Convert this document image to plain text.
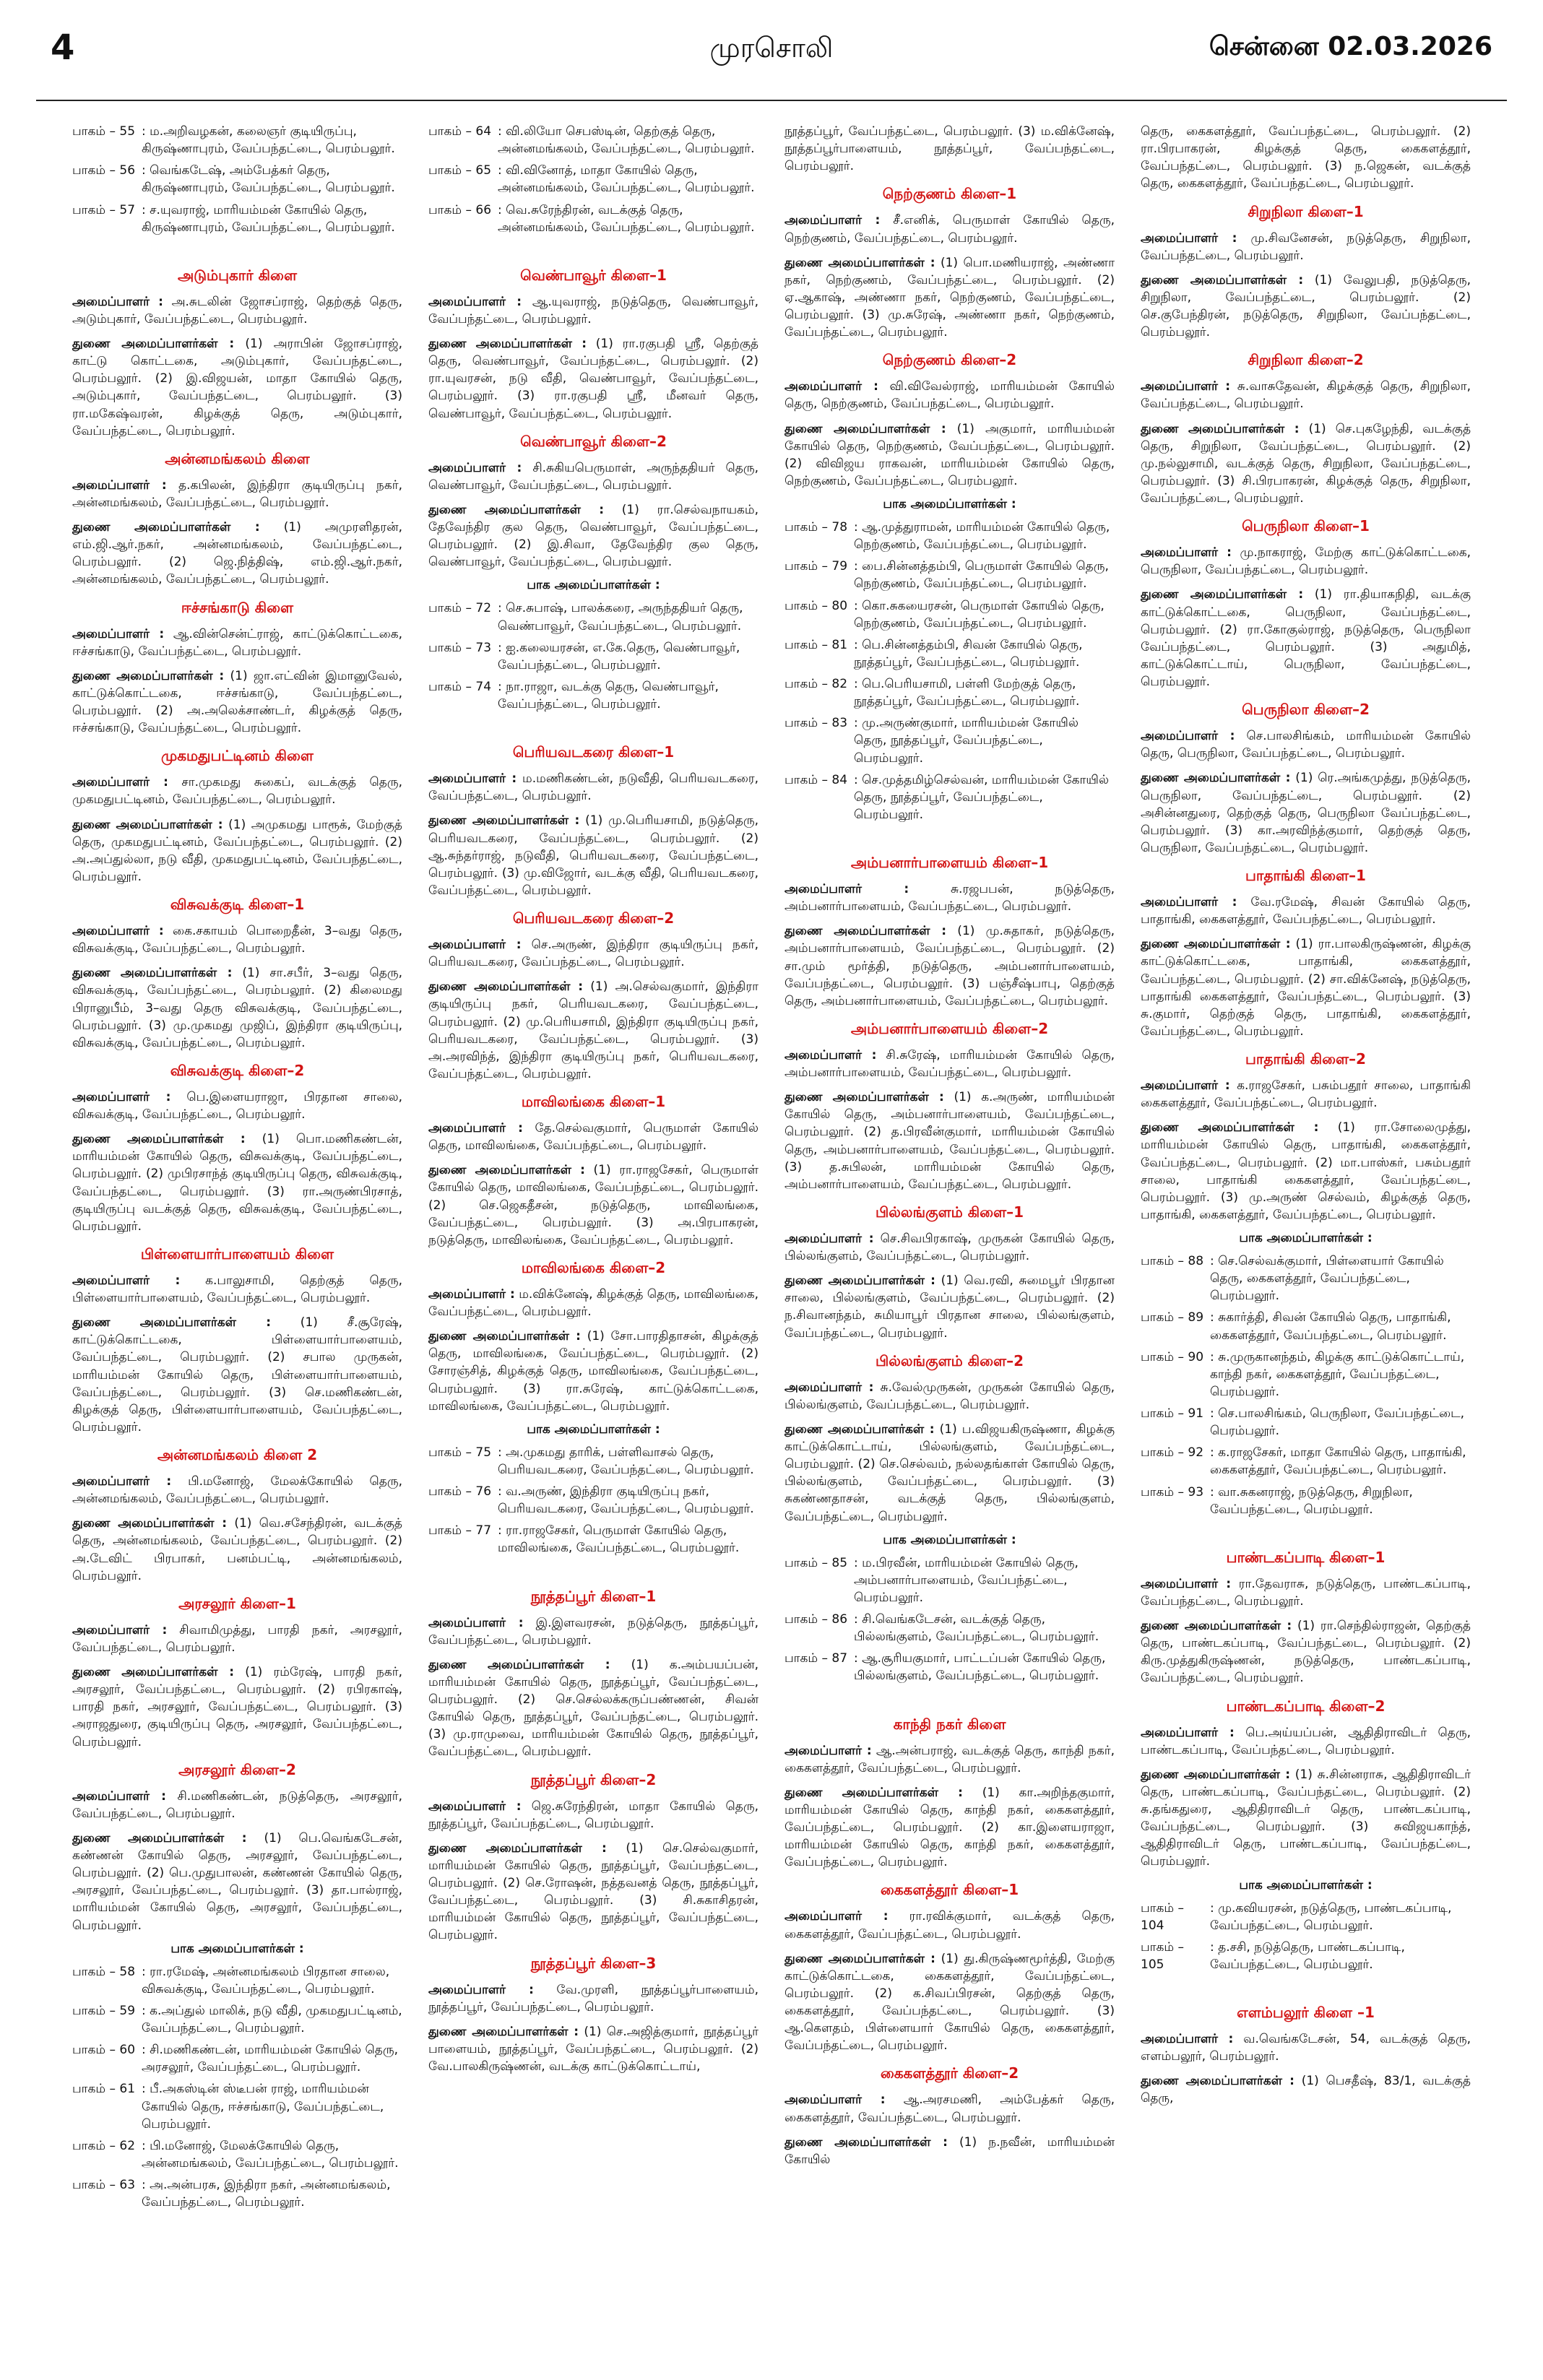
4	முரசொலி	சென்னை 02.03.2026
பாகம் – 55 : ம.அறிவழகன், கலைஞர் குடியிருப்பு, கிருஷ்ணாபுரம், வேப்பந்தட்டை, பெரம்பலூர்.
பாகம் – 56 : வெங்கடேஷ், அம்பேத்கர் தெரு, கிருஷ்ணாபுரம், வேப்பந்தட்டை, பெரம்பலூர்.
பாகம் – 57 : ச.யுவராஜ், மாரியம்மன் கோயில் தெரு, கிருஷ்ணாபுரம், வேப்பந்தட்டை, பெரம்பலூர்.
அடும்புகார் கிளை

அமைப்பாளர் : அ.சுடலின் ஜோசப்ராஜ், தெற்குத் தெரு, அடும்புகார், வேப்பந்தட்டை, பெரம்பலூர்.

துணை அமைப்பாளர்கள் : (1) அராபின் ஜோசப்ராஜ், காட்டு கொட்டகை, அடும்புகார், வேப்பந்தட்டை, பெரம்பலூர். (2) இ.விஜயன், மாதா கோயில் தெரு, அடும்புகார், வேப்பந்தட்டை, பெரம்பலூர். (3) ரா.மகேஷ்வரன், கிழக்குத் தெரு, அடும்புகார், வேப்பந்தட்டை, பெரம்பலூர்.

அன்னமங்கலம் கிளை

அமைப்பாளர் : த.கபிலன், இந்திரா குடியிருப்பு நகர், அன்னமங்கலம், வேப்பந்தட்டை, பெரம்பலூர்.

துணை அமைப்பாளர்கள் : (1) அமுரளிதரன், எம்.ஜி.ஆர்.நகர், அன்னமங்கலம், வேப்பந்தட்டை, பெரம்பலூர். (2) ஜெ.நித்திஷ், எம்.ஜி.ஆர்.நகர், அன்னமங்கலம், வேப்பந்தட்டை, பெரம்பலூர்.

ஈச்சங்காடு கிளை

அமைப்பாளர் : ஆ.வின்சென்ட்ராஜ், காட்டுக்கொட்டகை, ஈச்சங்காடு, வேப்பந்தட்டை, பெரம்பலூர்.

துணை அமைப்பாளர்கள் : (1) ஜா.எட்வின் இமானுவேல், காட்டுக்கொட்டகை, ஈச்சங்காடு, வேப்பந்தட்டை, பெரம்பலூர். (2) அ.அலெக்சாண்டர், கிழக்குத் தெரு, ஈச்சங்காடு, வேப்பந்தட்டை, பெரம்பலூர்.

முகமதுபட்டினம் கிளை

அமைப்பாளர் : சா.முகமது சுகைப், வடக்குத் தெரு, முகமதுபட்டினம், வேப்பந்தட்டை, பெரம்பலூர்.

துணை அமைப்பாளர்கள் : (1) அமுகமது பாரூக், மேற்குத் தெரு, முகமதுபட்டினம், வேப்பந்தட்டை, பெரம்பலூர். (2) அ.அப்துல்லா, நடு வீதி, முகமதுபட்டினம், வேப்பந்தட்டை, பெரம்பலூர்.

விசுவக்குடி கிளை–1

அமைப்பாளர் : கை.சகாயம் பொறைதீன், 3–வது தெரு, விசுவக்குடி, வேப்பந்தட்டை, பெரம்பலூர்.

துணை அமைப்பாளர்கள் : (1) சா.சபீர், 3–வது தெரு, விசுவக்குடி, வேப்பந்தட்டை, பெரம்பலூர். (2) கிலைமது பிரானுபீம், 3–வது தெரு விசுவக்குடி, வேப்பந்தட்டை, பெரம்பலூர். (3) மு.முகமது முஜிப், இந்திரா குடியிருப்பு, விசுவக்குடி, வேப்பந்தட்டை, பெரம்பலூர்.

விசுவக்குடி கிளை–2

அமைப்பாளர் : பெ.இளையராஜா, பிரதான சாலை, விசுவக்குடி, வேப்பந்தட்டை, பெரம்பலூர்.

துணை அமைப்பாளர்கள் : (1) பொ.மணிகண்டன், மாரியம்மன் கோயில் தெரு, விசுவக்குடி, வேப்பந்தட்டை, பெரம்பலூர். (2) முபிரசாந்த் குடியிருப்பு தெரு, விசுவக்குடி, வேப்பந்தட்டை, பெரம்பலூர். (3) ரா.அருண்பிரசாத், குடியிருப்பு வடக்குத் தெரு, விசுவக்குடி, வேப்பந்தட்டை, பெரம்பலூர்.

பிள்ளையார்பாளையம் கிளை

அமைப்பாளர் : க.பாலுசாமி, தெற்குத் தெரு, பிள்ளையார்பாளையம், வேப்பந்தட்டை, பெரம்பலூர்.

துணை அமைப்பாளர்கள் : (1) சீ.சூரேஷ், காட்டுக்கொட்டகை, பிள்ளையார்பாளையம், வேப்பந்தட்டை, பெரம்பலூர். (2) சபால முருகன், மாரியம்மன் கோயில் தெரு, பிள்ளையார்பாளையம், வேப்பந்தட்டை, பெரம்பலூர். (3) செ.மணிகண்டன், கிழக்குத் தெரு, பிள்ளையார்பாளையம், வேப்பந்தட்டை, பெரம்பலூர்.

அன்னமங்கலம் கிளை 2

அமைப்பாளர் : பி.மனோஜ், மேலக்கோயில் தெரு, அன்னமங்கலம், வேப்பந்தட்டை, பெரம்பலூர்.

துணை அமைப்பாளர்கள் : (1) வெ.சசேந்திரன், வடக்குத் தெரு, அன்னமங்கலம், வேப்பந்தட்டை, பெரம்பலூர். (2) அ.டேவிட் பிரபாகர், பனம்பட்டி, அன்னமங்கலம், பெரம்பலூர்.

அரசலூர் கிளை–1

அமைப்பாளர் : சிவாமிமுத்து, பாரதி நகர், அரசலூர், வேப்பந்தட்டை, பெரம்பலூர்.

துணை அமைப்பாளர்கள் : (1) ரம்ரேஷ், பாரதி நகர், அரசலூர், வேப்பந்தட்டை, பெரம்பலூர். (2) ரபிரகாஷ், பாரதி நகர், அரசலூர், வேப்பந்தட்டை, பெரம்பலூர். (3) அராஜதுரை, குடியிருப்பு தெரு, அரசலூர், வேப்பந்தட்டை, பெரம்பலூர்.

அரசலூர் கிளை–2

அமைப்பாளர் : சி.மணிகண்டன், நடுத்தெரு, அரசலூர், வேப்பந்தட்டை, பெரம்பலூர்.

துணை அமைப்பாளர்கள் : (1) பெ.வெங்கடேசன், கண்ணன் கோயில் தெரு, அரசலூர், வேப்பந்தட்டை, பெரம்பலூர். (2) பெ.முதுபாலன், கண்ணன் கோயில் தெரு, அரசலூர், வேப்பந்தட்டை, பெரம்பலூர். (3) தா.பால்ராஜ், மாரியம்மன் கோயில் தெரு, அரசலூர், வேப்பந்தட்டை, பெரம்பலூர்.

பாக அமைப்பாளர்கள் :
பாகம் – 58 : ரா.ரமேஷ், அன்னமங்கலம் பிரதான சாலை, விசுவக்குடி, வேப்பந்தட்டை, பெரம்பலூர்.
பாகம் – 59 : க.அப்துல் மாலிக், நடு வீதி, முகமதுபட்டினம், வேப்பந்தட்டை, பெரம்பலூர்.
பாகம் – 60 : சி.மணிகண்டன், மாரியம்மன் கோயில் தெரு, அரசலூர், வேப்பந்தட்டை, பெரம்பலூர்.
பாகம் – 61 : பீ.அகஸ்டின் ஸ்டீபன் ராஜ், மாரியம்மன் கோயில் தெரு, ஈச்சங்காடு, வேப்பந்தட்டை, பெரம்பலூர்.
பாகம் – 62 : பி.மனோஜ், மேலக்கோயில் தெரு, அன்னமங்கலம், வேப்பந்தட்டை, பெரம்பலூர்.
பாகம் – 63 : அ.அன்பரசு, இந்திரா நகர், அன்னமங்கலம், வேப்பந்தட்டை, பெரம்பலூர்.
பாகம் – 64 : வி.லியோ செபஸ்டின், தெற்குத் தெரு, அன்னமங்கலம், வேப்பந்தட்டை, பெரம்பலூர்.
பாகம் – 65 : வி.வினோத், மாதா கோயில் தெரு, அன்னமங்கலம், வேப்பந்தட்டை, பெரம்பலூர்.
பாகம் – 66 : வெ.சுரேந்திரன், வடக்குத் தெரு, அன்னமங்கலம், வேப்பந்தட்டை, பெரம்பலூர்.
வெண்பாவூர் கிளை–1

அமைப்பாளர் : ஆ.யுவராஜ், நடுத்தெரு, வெண்பாவூர், வேப்பந்தட்டை, பெரம்பலூர்.

துணை அமைப்பாளர்கள் : (1) ரா.ரகுபதி ஸ்ரீ, தெற்குத் தெரு, வெண்பாவூர், வேப்பந்தட்டை, பெரம்பலூர். (2) ரா.யுவரசன், நடு வீதி, வெண்பாவூர், வேப்பந்தட்டை, பெரம்பலூர். (3) ரா.ரகுபதி ஸ்ரீ, மீனவர் தெரு, வெண்பாவூர், வேப்பந்தட்டை, பெரம்பலூர்.

வெண்பாவூர் கிளை–2

அமைப்பாளர் : சி.சுகியபெருமாள், அருந்ததியர் தெரு, வெண்பாவூர், வேப்பந்தட்டை, பெரம்பலூர்.

துணை அமைப்பாளர்கள் : (1) ரா.செல்வநாயகம், தேவேந்திர குல தெரு, வெண்பாவூர், வேப்பந்தட்டை, பெரம்பலூர். (2) இ.சிவா, தேவேந்திர குல தெரு, வெண்பாவூர், வேப்பந்தட்டை, பெரம்பலூர்.

பாக அமைப்பாளர்கள் :
பாகம் – 72 : செ.சுபாஷ், பாலக்கரை, அருந்ததியர் தெரு, வெண்பாவூர், வேப்பந்தட்டை, பெரம்பலூர்.
பாகம் – 73 : ஐ.கலையரசன், எ.கே.தெரு, வெண்பாவூர், வேப்பந்தட்டை, பெரம்பலூர்.
பாகம் – 74 : நா.ராஜா, வடக்கு தெரு, வெண்பாவூர், வேப்பந்தட்டை, பெரம்பலூர்.
பெரியவடகரை கிளை–1

அமைப்பாளர் : ம.மணிகண்டன், நடுவீதி, பெரியவடகரை, வேப்பந்தட்டை, பெரம்பலூர்.

துணை அமைப்பாளர்கள் : (1) மு.பெரியசாமி, நடுத்தெரு, பெரியவடகரை, வேப்பந்தட்டை, பெரம்பலூர். (2) ஆ.சுந்தர்ராஜ், நடுவீதி, பெரியவடகரை, வேப்பந்தட்டை, பெரம்பலூர். (3) மு.விஜோர், வடக்கு வீதி, பெரியவடகரை, வேப்பந்தட்டை, பெரம்பலூர்.

பெரியவடகரை கிளை–2

அமைப்பாளர் : செ.அருண், இந்திரா குடியிருப்பு நகர், பெரியவடகரை, வேப்பந்தட்டை, பெரம்பலூர்.

துணை அமைப்பாளர்கள் : (1) அ.செல்வகுமார், இந்திரா குடியிருப்பு நகர், பெரியவடகரை, வேப்பந்தட்டை, பெரம்பலூர். (2) மு.பெரியசாமி, இந்திரா குடியிருப்பு நகர், பெரியவடகரை, வேப்பந்தட்டை, பெரம்பலூர். (3) அ.அரவிந்த், இந்திரா குடியிருப்பு நகர், பெரியவடகரை, வேப்பந்தட்டை, பெரம்பலூர்.

மாவிலங்கை கிளை–1

அமைப்பாளர் : தே.செல்வகுமார், பெருமாள் கோயில் தெரு, மாவிலங்கை, வேப்பந்தட்டை, பெரம்பலூர்.

துணை அமைப்பாளர்கள் : (1) ரா.ராஜசேகர், பெருமாள் கோயில் தெரு, மாவிலங்கை, வேப்பந்தட்டை, பெரம்பலூர். (2) செ.ஜெகதீசன், நடுத்தெரு, மாவிலங்கை, வேப்பந்தட்டை, பெரம்பலூர். (3) அ.பிரபாகரன், நடுத்தெரு, மாவிலங்கை, வேப்பந்தட்டை, பெரம்பலூர்.

மாவிலங்கை கிளை–2

அமைப்பாளர் : ம.விக்னேஷ், கிழக்குத் தெரு, மாவிலங்கை, வேப்பந்தட்டை, பெரம்பலூர்.

துணை அமைப்பாளர்கள் : (1) சோ.பாரதிதாசன், கிழக்குத் தெரு, மாவிலங்கை, வேப்பந்தட்டை, பெரம்பலூர். (2) சோரஞ்சித், கிழக்குத் தெரு, மாவிலங்கை, வேப்பந்தட்டை, பெரம்பலூர். (3) ரா.சுரேஷ், காட்டுக்கொட்டகை, மாவிலங்கை, வேப்பந்தட்டை, பெரம்பலூர்.

பாக அமைப்பாளர்கள் :
பாகம் – 75 : அ.முகமது தாரிக், பள்ளிவாசல் தெரு, பெரியவடகரை, வேப்பந்தட்டை, பெரம்பலூர்.
பாகம் – 76 : வ.அருண், இந்திரா குடியிருப்பு நகர், பெரியவடகரை, வேப்பந்தட்டை, பெரம்பலூர்.
பாகம் – 77 : ரா.ராஜசேகர், பெருமாள் கோயில் தெரு, மாவிலங்கை, வேப்பந்தட்டை, பெரம்பலூர்.
நூத்தப்பூர் கிளை–1

அமைப்பாளர் : இ.இளவரசன், நடுத்தெரு, நூத்தப்பூர், வேப்பந்தட்டை, பெரம்பலூர்.

துணை அமைப்பாளர்கள் : (1) க.அம்பயப்பன், மாரியம்மன் கோயில் தெரு, நூத்தப்பூர், வேப்பந்தட்டை, பெரம்பலூர். (2) செ.செல்லக்கருப்பண்ணன், சிவன் கோயில் தெரு, நூத்தப்பூர், வேப்பந்தட்டை, பெரம்பலூர். (3) மு.ராமுவை, மாரியம்மன் கோயில் தெரு, நூத்தப்பூர், வேப்பந்தட்டை, பெரம்பலூர்.

நூத்தப்பூர் கிளை–2

அமைப்பாளர் : ஜெ.சுரேந்திரன், மாதா கோயில் தெரு, நூத்தப்பூர், வேப்பந்தட்டை, பெரம்பலூர்.

துணை அமைப்பாளர்கள் : (1) செ.செல்வகுமார், மாரியம்மன் கோயில் தெரு, நூத்தப்பூர், வேப்பந்தட்டை, பெரம்பலூர். (2) செ.ரோஷன், நத்தவனத் தெரு, நூத்தப்பூர், வேப்பந்தட்டை, பெரம்பலூர். (3) சி.சுகாசிதரன், மாரியம்மன் கோயில் தெரு, நூத்தப்பூர், வேப்பந்தட்டை, பெரம்பலூர்.

நூத்தப்பூர் கிளை–3

அமைப்பாளர் : வே.முரளி, நூத்தப்பூர்பாளையம், நூத்தப்பூர், வேப்பந்தட்டை, பெரம்பலூர்.

துணை அமைப்பாளர்கள் : (1) செ.அஜித்குமார், நூத்தப்பூர் பாளையம், நூத்தப்பூர், வேப்பந்தட்டை, பெரம்பலூர். (2) வே.பாலகிருஷ்ணன், வடக்கு காட்டுக்கொட்டாய்,

நூத்தப்பூர், வேப்பந்தட்டை, பெரம்பலூர். (3) ம.விக்னேஷ், நூத்தப்பூர்பாளையம், நூத்தப்பூர், வேப்பந்தட்டை, பெரம்பலூர்.

நெற்குணம் கிளை–1

அமைப்பாளர் : சீ.எனிக், பெருமாள் கோயில் தெரு, நெற்குணம், வேப்பந்தட்டை, பெரம்பலூர்.

துணை அமைப்பாளர்கள் : (1) பொ.மணியராஜ், அண்ணா நகர், நெற்குணம், வேப்பந்தட்டை, பெரம்பலூர். (2) ஏ.ஆகாஷ், அண்ணா நகர், நெற்குணம், வேப்பந்தட்டை, பெரம்பலூர். (3) மு.சுரேஷ், அண்ணா நகர், நெற்குணம், வேப்பந்தட்டை, பெரம்பலூர்.

நெற்குணம் கிளை–2

அமைப்பாளர் : வி.விவேல்ராஜ், மாரியம்மன் கோயில் தெரு, நெற்குணம், வேப்பந்தட்டை, பெரம்பலூர்.

துணை அமைப்பாளர்கள் : (1) அகுமார், மாரியம்மன் கோயில் தெரு, நெற்குணம், வேப்பந்தட்டை, பெரம்பலூர். (2) விவிஜய ராகவன், மாரியம்மன் கோயில் தெரு, நெற்குணம், வேப்பந்தட்டை, பெரம்பலூர்.

பாக அமைப்பாளர்கள் :
பாகம் – 78 : ஆ.முத்துராமன், மாரியம்மன் கோயில் தெரு, நெற்குணம், வேப்பந்தட்டை, பெரம்பலூர்.
பாகம் – 79 : பை.சின்னத்தம்பி, பெருமாள் கோயில் தெரு, நெற்குணம், வேப்பந்தட்டை, பெரம்பலூர்.
பாகம் – 80 : கொ.சுகயைரசன், பெருமாள் கோயில் தெரு, நெற்குணம், வேப்பந்தட்டை, பெரம்பலூர்.
பாகம் – 81 : பெ.சின்னத்தம்பி, சிவன் கோயில் தெரு, நூத்தப்பூர், வேப்பந்தட்டை, பெரம்பலூர்.
பாகம் – 82 : பெ.பெரியசாமி, பள்ளி மேற்குத் தெரு, நூத்தப்பூர், வேப்பந்தட்டை, பெரம்பலூர்.
பாகம் – 83 : மு.அருண்குமார், மாரியம்மன் கோயில் தெரு, நூத்தப்பூர், வேப்பந்தட்டை, பெரம்பலூர்.
பாகம் – 84 : செ.முத்தமிழ்செல்வன், மாரியம்மன் கோயில் தெரு, நூத்தப்பூர், வேப்பந்தட்டை, பெரம்பலூர்.
அம்பனார்பாளையம் கிளை–1

அமைப்பாளர் : சு.ரஜபபன், நடுத்தெரு, அம்பனார்பாளையம், வேப்பந்தட்டை, பெரம்பலூர்.

துணை அமைப்பாளர்கள் : (1) மு.சுதாகர், நடுத்தெரு, அம்பனார்பாளையம், வேப்பந்தட்டை, பெரம்பலூர். (2) சா.மும் மூர்த்தி, நடுத்தெரு, அம்பனார்பாளையம், வேப்பந்தட்டை, பெரம்பலூர். (3) பஞ்சீஷ்பாபு, தெற்குத் தெரு, அம்பனார்பாளையம், வேப்பந்தட்டை, பெரம்பலூர்.

அம்பனார்பாளையம் கிளை–2

அமைப்பாளர் : சி.சுரேஷ், மாரியம்மன் கோயில் தெரு, அம்பனார்பாளையம், வேப்பந்தட்டை, பெரம்பலூர்.

துணை அமைப்பாளர்கள் : (1) க.அருண், மாரியம்மன் கோயில் தெரு, அம்பனார்பாளையம், வேப்பந்தட்டை, பெரம்பலூர். (2) த.பிரவீன்குமார், மாரியம்மன் கோயில் தெரு, அம்பனார்பாளையம், வேப்பந்தட்டை, பெரம்பலூர். (3) த.சுபிலன், மாரியம்மன் கோயில் தெரு, அம்பனார்பாளையம், வேப்பந்தட்டை, பெரம்பலூர்.

பில்லங்குளம் கிளை–1

அமைப்பாளர் : செ.சிவபிரகாஷ், முருகன் கோயில் தெரு, பில்லங்குளம், வேப்பந்தட்டை, பெரம்பலூர்.

துணை அமைப்பாளர்கள் : (1) வெ.ரவி, சுமைபூர் பிரதான சாலை, பில்லங்குளம், வேப்பந்தட்டை, பெரம்பலூர். (2) ந.சிவானந்தம், சுமியாபூர் பிரதான சாலை, பில்லங்குளம், வேப்பந்தட்டை, பெரம்பலூர்.

பில்லங்குளம் கிளை–2

அமைப்பாளர் : சு.வேல்முருகன், முருகன் கோயில் தெரு, பில்லங்குளம், வேப்பந்தட்டை, பெரம்பலூர்.

துணை அமைப்பாளர்கள் : (1) ப.விஜயகிருஷ்ணா, கிழக்கு காட்டுக்கொட்டாய், பில்லங்குளம், வேப்பந்தட்டை, பெரம்பலூர். (2) செ.செல்வம், நல்லதங்காள் கோயில் தெரு, பில்லங்குளம், வேப்பந்தட்டை, பெரம்பலூர். (3) சுகண்ணதாசன், வடக்குத் தெரு, பில்லங்குளம், வேப்பந்தட்டை, பெரம்பலூர்.

பாக அமைப்பாளர்கள் :
பாகம் – 85 : ம.பிரவீன், மாரியம்மன் கோயில் தெரு, அம்பனார்பாளையம், வேப்பந்தட்டை, பெரம்பலூர்.
பாகம் – 86 : சி.வெங்கடேசன், வடக்குத் தெரு, பில்லங்குளம், வேப்பந்தட்டை, பெரம்பலூர்.
பாகம் – 87 : ஆ.சூரியகுமார், பாட்டப்பன் கோயில் தெரு, பில்லங்குளம், வேப்பந்தட்டை, பெரம்பலூர்.
காந்தி நகர் கிளை

அமைப்பாளர் : ஆ.அன்பராஜ், வடக்குத் தெரு, காந்தி நகர், கைகளத்தூர், வேப்பந்தட்டை, பெரம்பலூர்.

துணை அமைப்பாளர்கள் : (1) கா.அறிந்தகுமார், மாரியம்மன் கோயில் தெரு, காந்தி நகர், கைகளத்தூர், வேப்பந்தட்டை, பெரம்பலூர். (2) கா.இளையராஜா, மாரியம்மன் கோயில் தெரு, காந்தி நகர், கைகளத்தூர், வேப்பந்தட்டை, பெரம்பலூர்.

கைகளத்தூர் கிளை–1

அமைப்பாளர் : ரா.ரவிக்குமார், வடக்குத் தெரு, கைகளத்தூர், வேப்பந்தட்டை, பெரம்பலூர்.

துணை அமைப்பாளர்கள் : (1) து.கிருஷ்ணமூர்த்தி, மேற்கு காட்டுக்கொட்டகை, கைகளத்தூர், வேப்பந்தட்டை, பெரம்பலூர். (2) க.சிவப்பிரசன், தெற்குத் தெரு, கைகளத்தூர், வேப்பந்தட்டை, பெரம்பலூர். (3) ஆ.கௌதம், பிள்ளையார் கோயில் தெரு, கைகளத்தூர், வேப்பந்தட்டை, பெரம்பலூர்.

கைகளத்தூர் கிளை–2

அமைப்பாளர் : ஆ.அரசமணி, அம்பேத்கர் தெரு, கைகளத்தூர், வேப்பந்தட்டை, பெரம்பலூர்.

துணை அமைப்பாளர்கள் : (1) ந.நவீன், மாரியம்மன் கோயில்

தெரு, கைகளத்தூர், வேப்பந்தட்டை, பெரம்பலூர். (2) ரா.பிரபாகரன், கிழக்குத் தெரு, கைகளத்தூர், வேப்பந்தட்டை, பெரம்பலூர். (3) ந.ஜெகன், வடக்குத் தெரு, கைகளத்தூர், வேப்பந்தட்டை, பெரம்பலூர்.

சிறுநிலா கிளை–1

அமைப்பாளர் : மு.சிவனேசன், நடுத்தெரு, சிறுநிலா, வேப்பந்தட்டை, பெரம்பலூர்.

துணை அமைப்பாளர்கள் : (1) வேலுபதி, நடுத்தெரு, சிறுநிலா, வேப்பந்தட்டை, பெரம்பலூர். (2) செ.குபேந்திரன், நடுத்தெரு, சிறுநிலா, வேப்பந்தட்டை, பெரம்பலூர்.

சிறுநிலா கிளை–2

அமைப்பாளர் : சு.வாசுதேவன், கிழக்குத் தெரு, சிறுநிலா, வேப்பந்தட்டை, பெரம்பலூர்.

துணை அமைப்பாளர்கள் : (1) செ.புகழேந்தி, வடக்குத் தெரு, சிறுநிலா, வேப்பந்தட்டை, பெரம்பலூர். (2) மு.நல்லுசாமி, வடக்குத் தெரு, சிறுநிலா, வேப்பந்தட்டை, பெரம்பலூர். (3) சி.பிரபாகரன், கிழக்குத் தெரு, சிறுநிலா, வேப்பந்தட்டை, பெரம்பலூர்.

பெருநிலா கிளை–1

அமைப்பாளர் : மு.நாகராஜ், மேற்கு காட்டுக்கொட்டகை, பெருநிலா, வேப்பந்தட்டை, பெரம்பலூர்.

துணை அமைப்பாளர்கள் : (1) ரா.தியாகநிதி, வடக்கு காட்டுக்கொட்டகை, பெருநிலா, வேப்பந்தட்டை, பெரம்பலூர். (2) ரா.கோகுல்ராஜ், நடுத்தெரு, பெருநிலா வேப்பந்தட்டை, பெரம்பலூர். (3) அதுமித், காட்டுக்கொட்டாய், பெருநிலா, வேப்பந்தட்டை, பெரம்பலூர்.

பெருநிலா கிளை–2

அமைப்பாளர் : செ.பாலசிங்கம், மாரியம்மன் கோயில் தெரு, பெருநிலா, வேப்பந்தட்டை, பெரம்பலூர்.

துணை அமைப்பாளர்கள் : (1) ரெ.அங்கமுத்து, நடுத்தெரு, பெருநிலா, வேப்பந்தட்டை, பெரம்பலூர். (2) அசின்னதுரை, தெற்குத் தெரு, பெருநிலா வேப்பந்தட்டை, பெரம்பலூர். (3) கா.அரவிந்த்குமார், தெற்குத் தெரு, பெருநிலா, வேப்பந்தட்டை, பெரம்பலூர்.

பாதாங்கி கிளை–1

அமைப்பாளர் : வே.ரமேஷ், சிவன் கோயில் தெரு, பாதாங்கி, கைகளத்தூர், வேப்பந்தட்டை, பெரம்பலூர்.

துணை அமைப்பாளர்கள் : (1) ரா.பாலகிருஷ்ணன், கிழக்கு காட்டுக்கொட்டகை, பாதாங்கி, கைகளத்தூர், வேப்பந்தட்டை, பெரம்பலூர். (2) சா.விக்னேஷ், நடுத்தெரு, பாதாங்கி கைகளத்தூர், வேப்பந்தட்டை, பெரம்பலூர். (3) சு.குமார், தெற்குத் தெரு, பாதாங்கி, கைகளத்தூர், வேப்பந்தட்டை, பெரம்பலூர்.

பாதாங்கி கிளை–2

அமைப்பாளர் : க.ராஜசேகர், பசும்பதூர் சாலை, பாதாங்கி கைகளத்தூர், வேப்பந்தட்டை, பெரம்பலூர்.

துணை அமைப்பாளர்கள் : (1) ரா.சோலைமுத்து, மாரியம்மன் கோயில் தெரு, பாதாங்கி, கைகளத்தூர், வேப்பந்தட்டை, பெரம்பலூர். (2) மா.பாஸ்கர், பசும்பதூர் சாலை, பாதாங்கி கைகளத்தூர், வேப்பந்தட்டை, பெரம்பலூர். (3) மு.அருண் செல்வம், கிழக்குத் தெரு, பாதாங்கி, கைகளத்தூர், வேப்பந்தட்டை, பெரம்பலூர்.

பாக அமைப்பாளர்கள் :
பாகம் – 88 : செ.செல்வக்குமார், பிள்ளையார் கோயில் தெரு, கைகளத்தூர், வேப்பந்தட்டை, பெரம்பலூர்.
பாகம் – 89 : சுகார்த்தி, சிவன் கோயில் தெரு, பாதாங்கி, கைகளத்தூர், வேப்பந்தட்டை, பெரம்பலூர்.
பாகம் – 90 : சு.முருகானந்தம், கிழக்கு காட்டுக்கொட்டாய், காந்தி நகர், கைகளத்தூர், வேப்பந்தட்டை, பெரம்பலூர்.
பாகம் – 91 : செ.பாலசிங்கம், பெருநிலா, வேப்பந்தட்டை, பெரம்பலூர்.
பாகம் – 92 : க.ராஜசேகர், மாதா கோயில் தெரு, பாதாங்கி, கைகளத்தூர், வேப்பந்தட்டை, பெரம்பலூர்.
பாகம் – 93 : வா.சுகனராஜ், நடுத்தெரு, சிறுநிலா, வேப்பந்தட்டை, பெரம்பலூர்.
பாண்டகப்பாடி கிளை–1

அமைப்பாளர் : ரா.தேவராசு, நடுத்தெரு, பாண்டகப்பாடி, வேப்பந்தட்டை, பெரம்பலூர்.

துணை அமைப்பாளர்கள் : (1) ரா.செந்தில்ராஜன், தெற்குத் தெரு, பாண்டகப்பாடி, வேப்பந்தட்டை, பெரம்பலூர். (2) கிரு.முத்துகிருஷ்ணன், நடுத்தெரு, பாண்டகப்பாடி, வேப்பந்தட்டை, பெரம்பலூர்.

பாண்டகப்பாடி கிளை–2

அமைப்பாளர் : பெ.அய்யப்பன், ஆதிதிராவிடர் தெரு, பாண்டகப்பாடி, வேப்பந்தட்டை, பெரம்பலூர்.

துணை அமைப்பாளர்கள் : (1) சு.சின்னராசு, ஆதிதிராவிடர் தெரு, பாண்டகப்பாடி, வேப்பந்தட்டை, பெரம்பலூர். (2) சு.தங்கதுரை, ஆதிதிராவிடர் தெரு, பாண்டகப்பாடி, வேப்பந்தட்டை, பெரம்பலூர். (3) சுவிஜயகாந்த், ஆதிதிராவிடர் தெரு, பாண்டகப்பாடி, வேப்பந்தட்டை, பெரம்பலூர்.

பாக அமைப்பாளர்கள் :
பாகம் – 104
: மு.கவியரசன், நடுத்தெரு, பாண்டகப்பாடி, வேப்பந்தட்டை, பெரம்பலூர்.
பாகம் – 105
: த.சசி, நடுத்தெரு, பாண்டகப்பாடி, வேப்பந்தட்டை, பெரம்பலூர்.
எளம்பலூர் கிளை –1

அமைப்பாளர் : வ.வெங்கடேசன், 54, வடக்குத் தெரு, எளம்பலூர், பெரம்பலூர்.

துணை அமைப்பாளர்கள் : (1) பெசதீஷ், 83/1, வடக்குத் தெரு,
